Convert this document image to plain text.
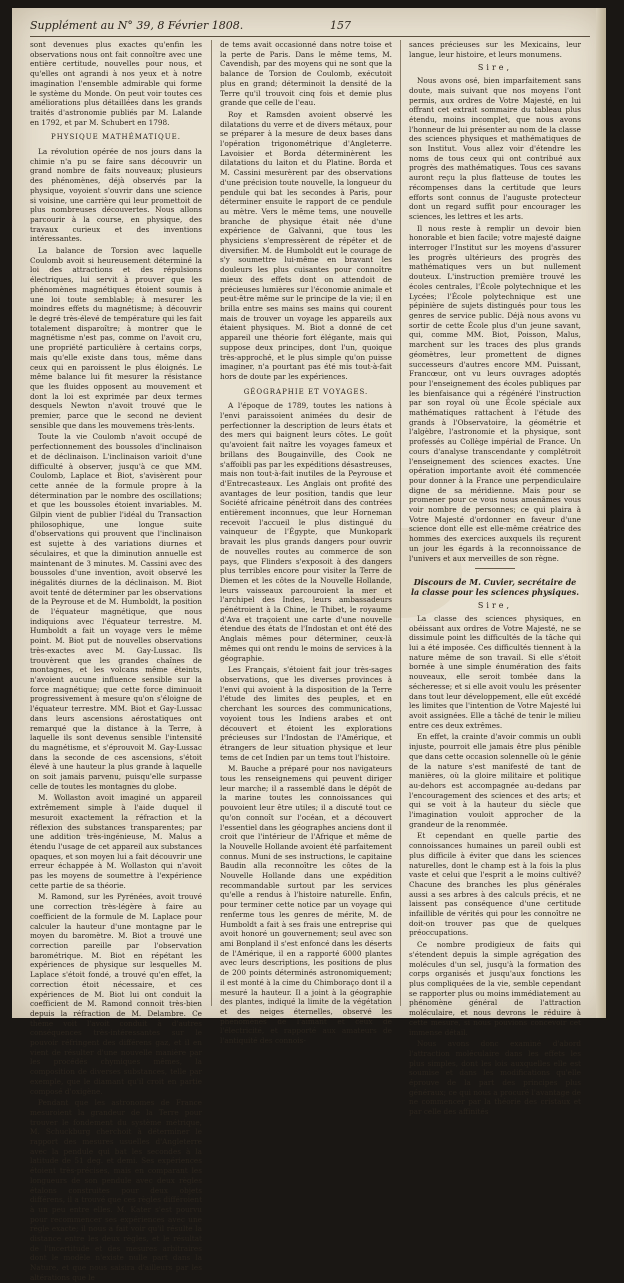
Supplément au N° 39, 8 Février 1808.	157

sont devenues plus exactes qu'enfin les observations nous ont fait connoître avec une entière certitude, nouvelles pour nous, et qu'elles ont agrandi à nos yeux et à notre imagination l'ensemble admirable qui forme le système du Monde. On peut voir toutes ces améliorations plus détaillées dans les grands traités d'astronomie publiés par M. Lalande en 1792, et par M. Schubert en 1798.

PHYSIQUE MATHÉMATIQUE.

La révolution opérée de nos jours dans la chimie n'a pu se faire sans découvrir un grand nombre de faits nouveaux; plusieurs des phénomènes, déjà observés par la physique, voyoient s'ouvrir dans une science si voisine, une carrière qui leur promettoit de plus nombreuses découvertes. Nous allons parcourir à la course, en physique, des travaux curieux et des inventions intéressantes.

La balance de Torsion avec laquelle Coulomb avoit si heureusement déterminé la loi des attractions et des répulsions électriques, lui servit à prouver que les phénomènes magnétiques étoient soumis à une loi toute semblable; à mesurer les moindres effets du magnétisme; à découvrir le degré très-élevé de température qui les fait totalement disparoître; à montrer que le magnétisme n'est pas, comme on l'avoit cru, une propriété particulière à certains corps, mais qu'elle existe dans tous, même dans ceux qui en paroissent le plus éloignés. Le même balance lui fit mesurer la résistance que les fluides opposent au mouvement et dont la loi est exprimée par deux termes desquels Newton n'avoit trouvé que le premier, parce que le second ne devient sensible que dans les mouvemens très-lents.

Toute la vie Coulomb n'avoit occupé de perfectionnement des boussoles d'inclinaison et de déclinaison. L'inclinaison varioit d'une difficulté à observer, jusqu'à ce que MM. Coulomb, Laplace et Biot, s'avisèrent pour cette année de la formule propre à la détermination par le nombre des oscillations; et que les boussoles étoient invariables. M. Gilpin vient de publier l'idéal du Transaction philosophique, une longue suite d'observations qui prouvent que l'inclinaison est sujette à des variations diurnes et séculaires, et que la diminution annuelle est maintenant de 3 minutes. M. Cassini avec des boussoles d'une invention, avoit observé les inégalités diurnes de la déclinaison. M. Biot avoit tenté de déterminer par les observations de la Peyrouse et de M. Humboldt, la position de l'équateur magnétique, que nous indiquions avec l'équateur terrestre. M. Humboldt a fait un voyage vers le même point. M. Biot put de nouvelles observations très-exactes avec M. Gay-Lussac. Ils trouvèrent que les grandes chaînes de montagnes, et les volcans même éteints, n'avoient aucune influence sensible sur la force magnétique; que cette force diminuoit progressivement à mesure qu'on s'éloigne de l'équateur terrestre. MM. Biot et Gay-Lussac dans leurs ascensions aérostatiques ont remarqué que la distance à la Terre, à laquelle ils sont devenus sensible l'intensité du magnétisme, et s'éprouvoit M. Gay-Lussac dans la seconde de ces ascensions, s'étoit élevé à une hauteur la plus grande à laquelle on soit jamais parvenu, puisqu'elle surpasse celle de toutes les montagnes du globe.

M. Wollaston avoit imaginé un appareil extrêmement simple à l'aide duquel il mesuroit exactement la réfraction et la réflexion des substances transparentes; par une addition très-ingénieuse, M. Malus a étendu l'usage de cet appareil aux substances opaques, et son moyen lui a fait découvrir une erreur échappée à M. Wollaston qui n'avoit pas les moyens de soumettre à l'expérience cette partie de sa théorie.

M. Ramond, sur les Pyrénées, avoit trouvé une correction très-légère à faire au coefficient de la formule de M. Laplace pour calculer la hauteur d'une montagne par le moyen du baromètre. M. Biot a trouvé une correction pareille par l'observation barométrique. M. Biot en répétant les expériences de physique sur lesquelles M. Laplace s'étoit fondé, a trouvé qu'en effet, la correction étoit nécessaire, et ces expériences de M. Biot lui ont conduit la coefficient de M. Ramond connoit très-bien depuis la réfraction de M. Delambre. Ce thème voit l'avoit conduit à d'autres conséquences très-intéressantes sur le pouvoir réfringent des différens gaz, et il en vient de résulter d'une nouvelle manière par les procédés chymiques mêmes, la composition de diverses substances, telle par exemple, que le diamant qu'il croit en partie composé d'oxigène.

Pendant que les astronomes de France mesuroient la grandeur de la Terre pour trouver le fondement du système métrique, M. Schuckburg cherchoit à déterminer le rapport des mesures usuelles d'Angleterre avec la pendule qui bat les secondes à la latitude de 51 deg. et demi. Ses expériences étoient très-précises, mais en comparant les longueurs de son pendule avec deux règles étalons construites pour deux objets différens, il a trouvé que ces règles différoient à un peu entre elles. M. Kater s'est pourvu pour recommencer ses expériences avec une règle exacte; il nous a fait voir qu'il résulte la distance entre les deux règles, et le résultat de l'incertitude et des mesures arbitraires dont le modèle n'existe nulle part dans la Nature, et que nous saisira d'ailleurs par les altérations que le

de tems avait occasionné dans notre toise et la perte de Paris. Dans le même tems, M. Cavendish, par des moyens qui ne sont que la balance de Torsion de Coulomb, exécutoit plus en grand; déterminoit la densité de la Terre qu'il trouvoit cinq fois et demie plus grande que celle de l'eau.

Roy et Ramsden avoient observé les dilatations du verre et de divers métaux, pour se préparer à la mesure de deux bases dans l'opération trigonométrique d'Angleterre. Lavoisier et Borda déterminèrent les dilatations du laiton et du Platine. Borda et M. Cassini mesurèrent par des observations d'une précision toute nouvelle, la longueur du pendule qui bat les secondes à Paris, pour déterminer ensuite le rapport de ce pendule au mètre. Vers le même tems, une nouvelle branche de physique était née d'une expérience de Galvanni, que tous les physiciens s'empressèrent de répéter et de diversifier. M. de Humboldt eut le courage de s'y soumettre lui-même en bravant les douleurs les plus cuisantes pour connoître mieux des effets dont on attendoit de précieuses lumières sur l'économie animale et peut-être même sur le principe de la vie; il en brilla entre ses mains ses mains qui courent mais de trouver un voyage les appareils aux étaient physiques. M. Biot a donné de cet appareil une théorie fort élégante, mais qui suppose deux principes, dont l'un, quoique très-approché, et le plus simple qu'on puisse imaginer, n'a pourtant pas été mis tout-à-fait hors de doute par les expériences.

GÉOGRAPHIE ET VOYAGES.

A l'époque de 1789, toutes les nations à l'envi paraissoient animées du desir de perfectionner la description de leurs états et des mers qui baignent leurs côtes. Le goût qu'avoient fait naître les voyages fameux et brillans des Bougainville, des Cook ne s'affoibli pas par les expéditions désastreuses, mais non tout-à-fait inutiles de la Peyrouse et d'Entrecasteaux. Les Anglais ont profité des avantages de leur position, tandis que leur Société africaine pénétroit dans des contrées entièrement inconnues, que leur Horneman recevoit l'accueil le plus distingué du vainqueur de l'Égypte, que Munkopark bravait les plus grands dangers pour ouvrir de nouvelles routes au commerce de son pays, que Flinders s'exposoit à des dangers plus terribles encore pour visiter la Terre de Diemen et les côtes de la Nouvelle Hollande, leurs vaisseaux parcouroient la mer et l'archipel des Indes, leurs ambassadeurs pénétroient à la Chine, le Thibet, le royaume d'Ava et traçoient une carte d'une nouvelle étendue des états de l'Indostan et ont été des Anglais mêmes pour déterminer, ceux-là mêmes qui ont rendu le moins de services à la géographie.

Les Français, s'étoient fait jour très-sages observations, que les diverses provinces à l'envi qui avoient à la disposition de la Terre l'étude des limites des peuples, et en cherchant les sources des communications, voyoient tous les Indiens arabes et ont découvert et étoient les explorations précieuses sur l'Indostan de l'Amérique, et étrangers de leur situation physique et leur tems de cet Indien par un tems tout l'histoire.

M. Bauche a préparé pour nos navigateurs tous les renseignemens qui peuvent diriger leur marche; il a rassemblé dans le dépôt de la marine toutes les connoissances qui pouvoient leur être utiles; il a discuté tout ce qu'on connoît sur l'océan, et a découvert l'essentiel dans les géographes anciens dont il croit que l'intérieur de l'Afrique et même de la Nouvelle Hollande avoient été parfaitement connus. Muni de ses instructions, le capitaine Baudin alla reconnoître les côtes de la Nouvelle Hollande dans une expédition recommandable surtout par les services qu'elle a rendus à l'histoire naturelle. Enfin, pour terminer cette notice par un voyage qui renferme tous les genres de mérite, M. de Humboldt a fait à ses frais une entreprise qui avoit honoré un gouvernement; seul avec son ami Bonpland il s'est enfoncé dans les déserts de l'Amérique, il en a rapporté 6000 plantes avec leurs descriptions, les positions de plus de 200 points déterminés astronomiquement; il est monté à la cime du Chimboraço dont il a mesuré la hauteur. Il a joint à la géographie des plantes, indiqué la limite de la végétation et des neiges éternelles, observé les phénomènes de l'aimant et ceux de l'électricité, et rapporté aux amateurs de l'antiquité des connois-

sances précieuses sur les Mexicains, leur langue, leur histoire, et leurs monumens.

Sire,

Nous avons osé, bien imparfaitement sans doute, mais suivant que nos moyens l'ont permis, aux ordres de Votre Majesté, en lui offrant cet extrait sommaire du tableau plus étendu, moins incomplet, que nous avons l'honneur de lui présenter au nom de la classe des sciences physiques et mathématiques de son Institut. Vous allez voir d'étendre les noms de tous ceux qui ont contribué aux progrès des mathématiques. Tous ces savans auront reçu la plus flatteuse de toutes les récompenses dans la certitude que leurs efforts sont connus de l'auguste protecteur dont un regard suffit pour encourager les sciences, les lettres et les arts.

Il nous reste à remplir un devoir bien honorable et bien facile; votre majesté daigne interroger l'Institut sur les moyens d'assurer les progrès ultérieurs des progrès des mathématiques vers un but nullement douteux. L'instruction première trouvé les écoles centrales, l'École polytechnique et les Lycées; l'École polytechnique est une pépinière de sujets distingués pour tous les genres de service public. Déjà nous avons vu sortir de cette École plus d'un jeune savant, qui, comme MM. Biot, Poisson, Malus, marchent sur les traces des plus grands géomètres, leur promettent de dignes successeurs d'autres encore MM. Puissant, Francœur, ont vu leurs ouvrages adoptés pour l'enseignement des écoles publiques par les bienfaisance qui a régénéré l'instruction par son royal où une École spéciale aux mathématiques rattachent à l'étude des grands à l'Observatoire, la géométrie et l'algèbre, l'astronomie et la physique, sont professés au Collège impérial de France. Un cours d'analyse transcendante y complétroit l'enseignement des sciences exactes. Une opération importante avoit été commencée pour donner à la France une perpendiculaire digne de sa méridienne. Mais pour se promener pour ce vous nous amenâmes vous voir nombre de personnes; ce qui plaira à Votre Majesté d'ordonner en faveur d'une science dont elle est elle-même créatrice des hommes des exercices auxquels ils reçurent un jour les égards à la reconnoissance de l'univers et aux merveilles de son règne.

Discours de M. Cuvier, secrétaire de la classe pour les sciences physiques.
Sire,

La classe des sciences physiques, en obéissant aux ordres de Votre Majesté, ne se dissimule point les difficultés de la tâche qui lui a été imposée. Ces difficultés tiennent à la nature même de son travail. Si elle s'étoit bornée à une simple énumération des faits nouveaux, elle seroit tombée dans la sécheresse; et si elle avoit voulu les présenter dans tout leur développement, elle eût excédé les limites que l'intention de Votre Majesté lui avoit assignées. Elle a tâché de tenir le milieu entre ces deux extrêmes.

En effet, la crainte d'avoir commis un oubli injuste, pourroit elle jamais être plus pénible que dans cette occasion solennelle où le génie de la nature s'est manifesté de tant de manières, où la gloire militaire et politique au-dehors est accompagnée au-dedans par l'encouragement des sciences et des arts; et qui se voit à la hauteur du siècle que l'imagination vouloit approcher de la grandeur de la renommée.

Et cependant en quelle partie des connoissances humaines un pareil oubli est plus difficile à éviter que dans les sciences naturelles, dont le champ est à la fois la plus vaste et celui que l'esprit a le moins cultivé? Chacune des branches les plus générales aussi a ses arbres à des calculs précis, et ne laissent pas conséquence d'une certitude infaillible de vérités qui pour les connoître ne doit-on trouver pas que de quelques préoccupations.

Ce nombre prodigieux de faits qui s'étendent depuis la simple agrégation des molécules d'un sel, jusqu'à la formation des corps organisés et jusqu'aux fonctions les plus compliquées de la vie, semble cependant se rapporter plus ou moins immédiatement au phénomène général de l'attraction moléculaire, et nous devrons le réduire à cette mesure, si nous pouvions concevoir cet immense détail.

Nous avons donc examiné d'abord l'attraction moléculaire dans les effets les plus simples, dont les lois auxquelles elle est soumise et dans les modifications qu'elle éprouve de la part des principes plus généraux; ce qui nous a procuré l'avantage de ne commencer par la théorie des cristaux et par celle des affinités
